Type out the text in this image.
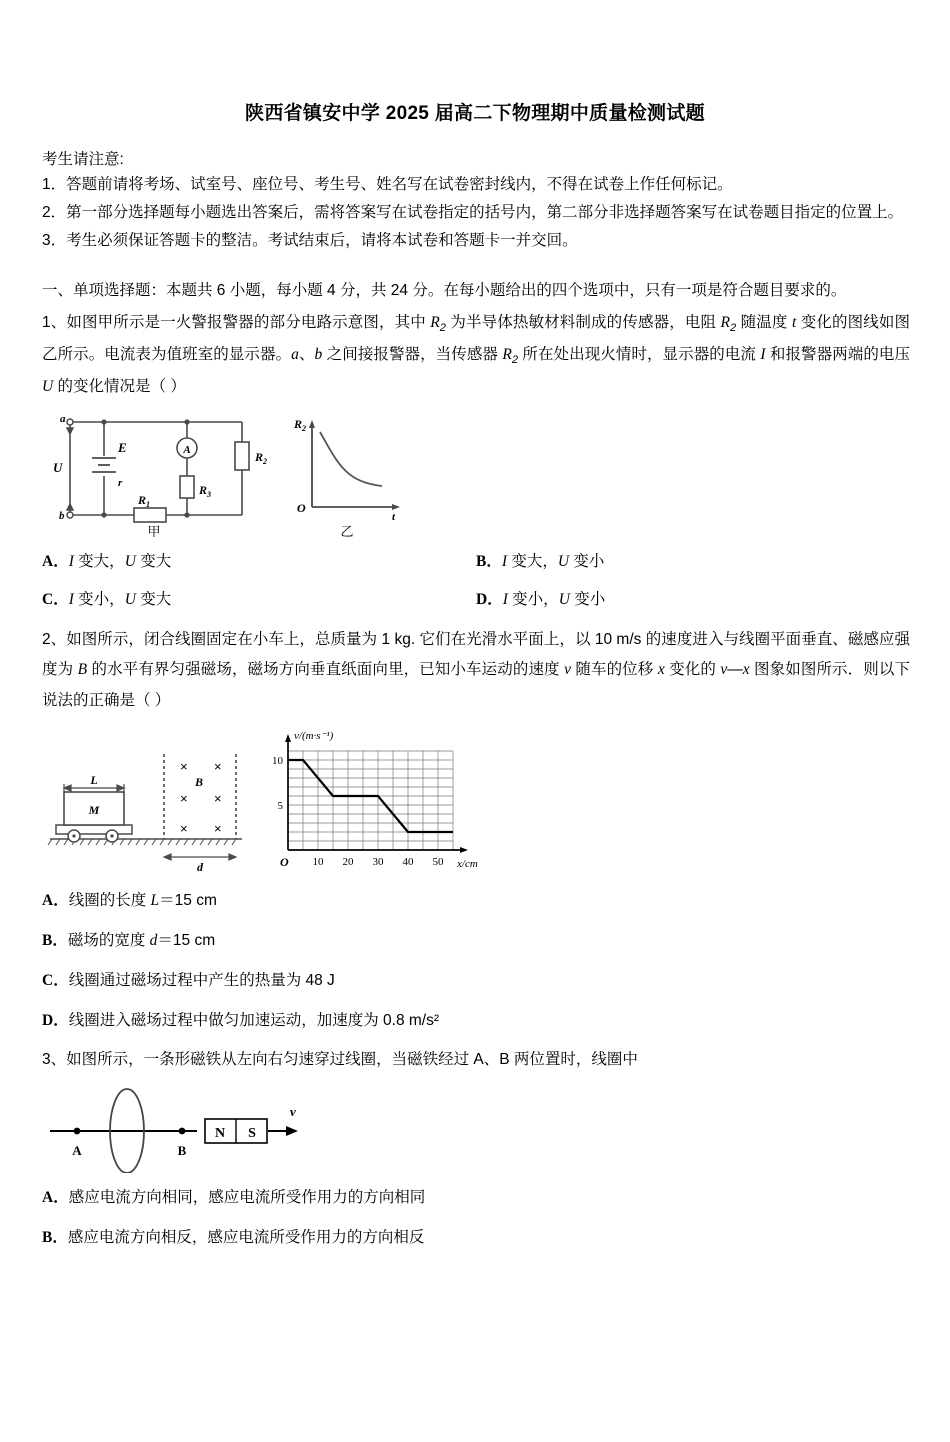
陕西省镇安中学 2025 届高二下物理期中质量检测试题
考生请注意:
1．答题前请将考场、试室号、座位号、考生号、姓名写在试卷密封线内，不得在试卷上作任何标记。
2．第一部分选择题每小题选出答案后，需将答案写在试卷指定的括号内，第二部分非选择题答案写在试卷题目指定的位置上。
3．考生必须保证答题卡的整洁。考试结束后，请将本试卷和答题卡一并交回。
一、单项选择题：本题共 6 小题，每小题 4 分，共 24 分。在每小题给出的四个选项中，只有一项是符合题目要求的。
1、如图甲所示是一火警报警器的部分电路示意图，其中 $R_2$ 为半导体热敏材料制成的传感器，电阻 $R_2$ 随温度 t 变化的图线如图乙所示。电流表为值班室的显示器。a、b 之间接报警器，当传感器 $R_2$ 所在处出现火情时，显示器的电流 I 和报警器两端的电压 U 的变化情况是（ ）
A
a
b
U
E
r
$R_1$
$R_2$
$R_3$
甲
$R_2$
O
t
乙
A．I 变大，U 变大	B．I 变大，U 变小
C．I 变小，U 变大	D．I 变小，U 变小
2、如图所示，闭合线圈固定在小车上，总质量为 1 kg. 它们在光滑水平面上，以 10 m/s 的速度进入与线圈平面垂直、磁感应强度为 B 的水平有界匀强磁场，磁场方向垂直纸面向里，已知小车运动的速度 v 随车的位移 x 变化的 v—x 图象如图所示．则以下说法的正确是（ ）
L
M
× ×
× ×
× ×
B
d
10
5
10 20 30 40 50
v/(m·s⁻¹)
x/cm
O
A．线圈的长度 L＝15 cm
B．磁场的宽度 d＝15 cm
C．线圈通过磁场过程中产生的热量为 48 J
D．线圈进入磁场过程中做匀加速运动，加速度为 0.8 m/s²
3、如图所示，一条形磁铁从左向右匀速穿过线圈，当磁铁经过 A、B 两位置时，线圈中
A	B
N S
v
A．感应电流方向相同，感应电流所受作用力的方向相同
B．感应电流方向相反，感应电流所受作用力的方向相反
